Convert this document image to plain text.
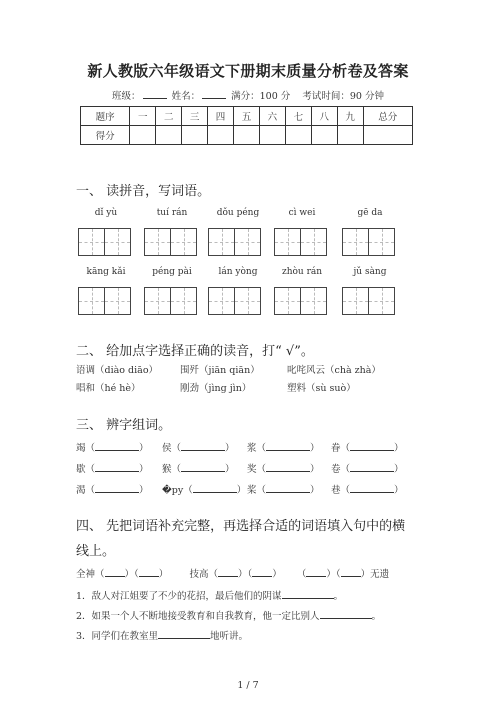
新人教版六年级语文下册期末质量分析卷及答案
班级：	姓名：	满分：100 分 考试时间：90 分钟
题序	一	二	三	四	五	六	七	八	九	总分
得分										
一、 读拼音，写词语。
dǐ yù	tuí rán	dǒu péng	cì wei	gē da
kāng kǎi	péng pài	lán yòng	zhòu rán	jǔ sàng
二、 给加点字选择正确的读音，打“ √”。
语调（diào diāo） 围歼（jiān qiān）	叱咤风云（chà zhà）
唱和（hé hè）	刚劲（jìng jìn）	塑料（sù suò）
三、 辨字组词。
竭（	） 侯（	） 浆（	） 眷（	）
歇（	） 猴（	） 奖（	） 卷（	）
渴（	） �py（	） 桨（	） 巷（	）
四、 先把词语补充完整，再选择合适的词语填入句中的横
线上。
全神（ ）（ ）       技高（ ）（ ）     （ ）（ ）无遗
1．敌人对江姐要了不少的花招，最后他们的阴谋	。
2．如果一个人不断地接受教育和自我教育，他一定比别人	。
3．同学们在教室里	地听讲。
1 / 7
